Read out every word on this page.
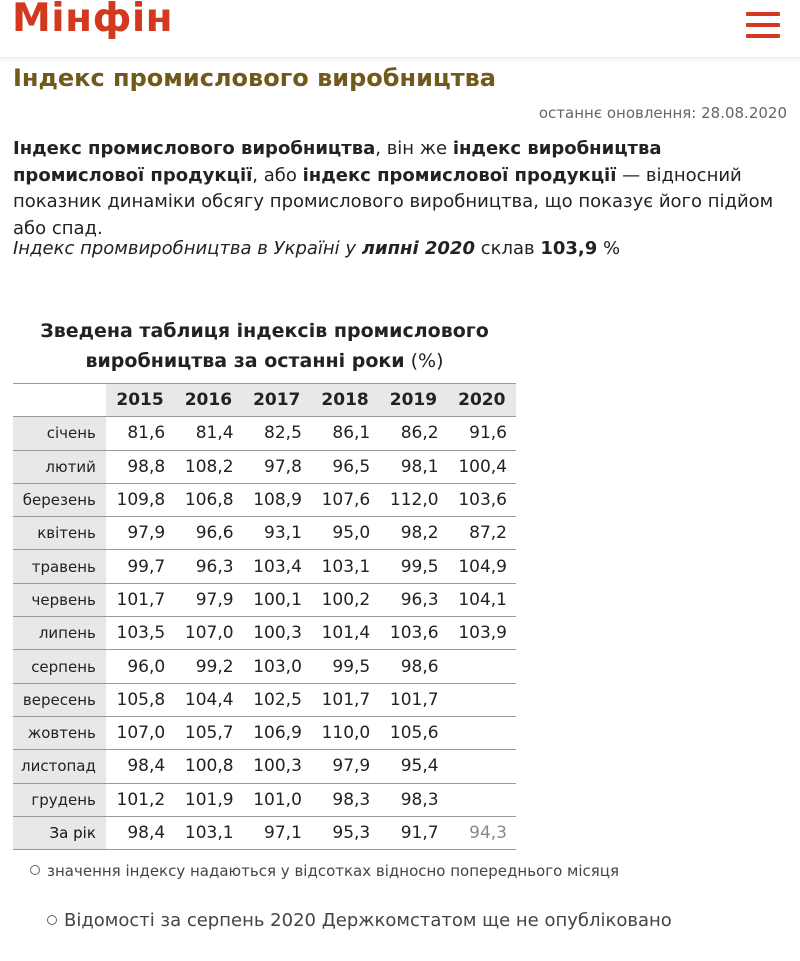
Мінфін
Індекс промислового виробництва
останнє оновлення: 28.08.2020

Індекс промислового виробництва, він же індекс виробництва промислової продукції, або індекс промислової продукції — відносний показник динаміки обсягу промислового виробництва, що показує його підйом або спад.

Індекс промвиробництва в Україні у липні 2020 склав 103,9 %

Зведена таблиця індексів промислового виробництва за останні роки (%)
	2015	2016	2017	2018	2019	2020
січень	81,6	81,4	82,5	86,1	86,2	91,6
лютий	98,8	108,2	97,8	96,5	98,1	100,4
березень	109,8	106,8	108,9	107,6	112,0	103,6
квітень	97,9	96,6	93,1	95,0	98,2	87,2
травень	99,7	96,3	103,4	103,1	99,5	104,9
червень	101,7	97,9	100,1	100,2	96,3	104,1
липень	103,5	107,0	100,3	101,4	103,6	103,9
серпень	96,0	99,2	103,0	99,5	98,6	
вересень	105,8	104,4	102,5	101,7	101,7	
жовтень	107,0	105,7	106,9	110,0	105,6	
листопад	98,4	100,8	100,3	97,9	95,4	
грудень	101,2	101,9	101,0	98,3	98,3	
За рік	98,4	103,1	97,1	95,3	91,7	94,3
значення індексу надаються у відсотках відносно попереднього місяця
Відомості за серпень 2020 Держкомстатом ще не опубліковано
